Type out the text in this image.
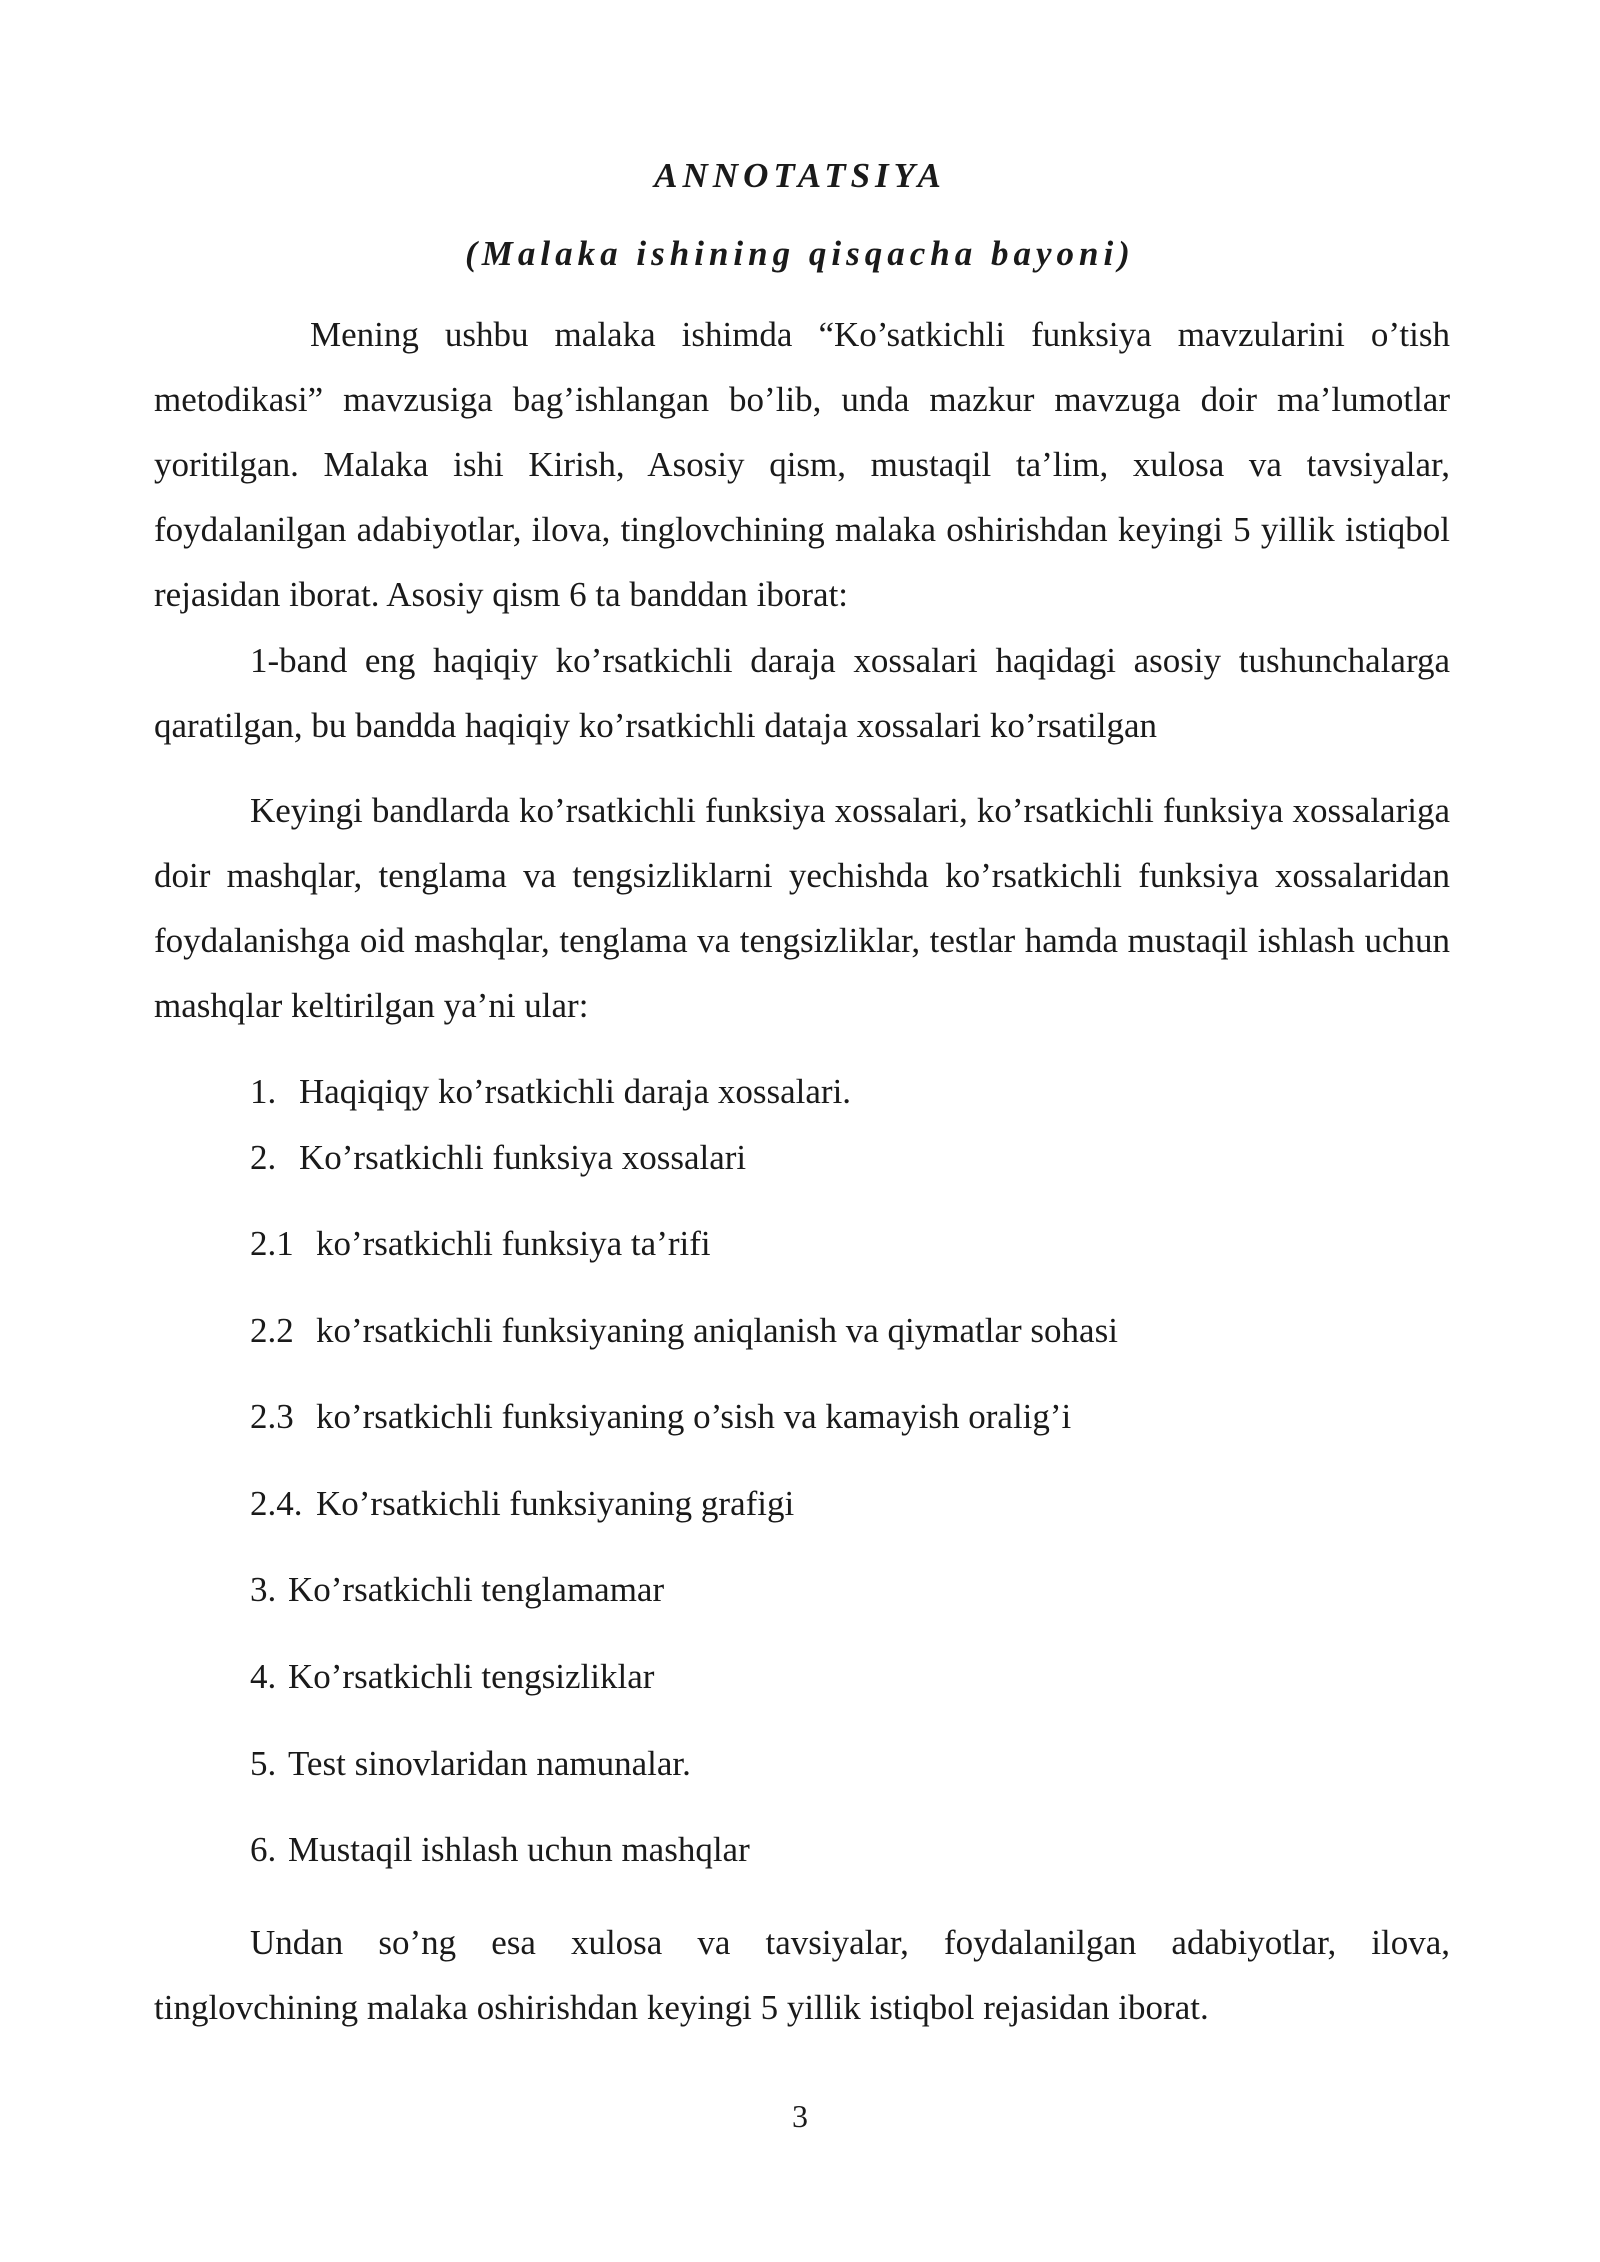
ANNOTATSIYA
(Malaka ishining qisqacha bayoni)

Mening ushbu malaka ishimda “Ko’satkichli funksiya mavzularini o’tish metodikasi” mavzusiga bag’ishlangan bo’lib, unda mazkur mavzuga doir ma’lumotlar yoritilgan. Malaka ishi Kirish, Asosiy qism, mustaqil ta’lim, xulosa va tavsiyalar, foydalanilgan adabiyotlar, ilova, tinglovchining malaka oshirishdan keyingi 5 yillik istiqbol rejasidan iborat. Asosiy qism 6 ta banddan iborat:

1-band eng haqiqiy ko’rsatkichli daraja xossalari haqidagi asosiy tushunchalarga qaratilgan, bu bandda haqiqiy ko’rsatkichli dataja xossalari ko’rsatilgan

Keyingi bandlarda ko’rsatkichli funksiya xossalari, ko’rsatkichli funksiya xossalariga doir mashqlar, tenglama va tengsizliklarni yechishda ko’rsatkichli funksiya xossalaridan foydalanishga oid mashqlar, tenglama va tengsizliklar, testlar hamda mustaqil ishlash uchun mashqlar keltirilgan ya’ni ular:

1. Haqiqiqy ko’rsatkichli daraja xossalari.
2. Ko’rsatkichli funksiya xossalari
2.1 ko’rsatkichli funksiya ta’rifi
2.2 ko’rsatkichli funksiyaning aniqlanish va qiymatlar sohasi
2.3 ko’rsatkichli funksiyaning o’sish va kamayish oralig’i
2.4. Ko’rsatkichli funksiyaning grafigi
3. Ko’rsatkichli tenglamamar
4. Ko’rsatkichli tengsizliklar
5. Test sinovlaridan namunalar.
6. Mustaqil ishlash uchun mashqlar

Undan so’ng esa xulosa va tavsiyalar, foydalanilgan adabiyotlar, ilova, tinglovchining malaka oshirishdan keyingi 5 yillik istiqbol rejasidan iborat.

3
